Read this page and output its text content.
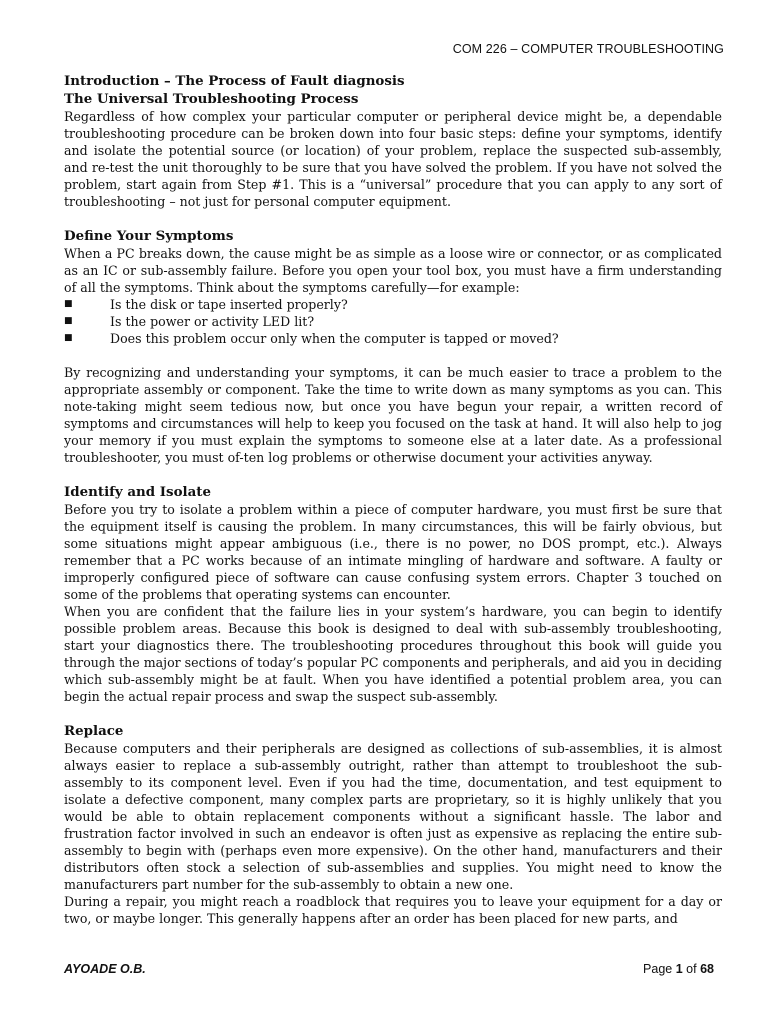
COM 226 – COMPUTER TROUBLESHOOTING
Introduction – The Process of Fault diagnosis
The Universal Troubleshooting Process

Regardless of how complex your particular computer or peripheral device might be, a dependable troubleshooting procedure can be broken down into four basic steps: define your symptoms, identify and isolate the potential source (or location) of your problem, replace the suspected sub-assembly, and re-test the unit thoroughly to be sure that you have solved the problem. If you have not solved the problem, start again from Step #1. This is a “universal” procedure that you can apply to any sort of troubleshooting – not just for personal computer equipment.

Define Your Symptoms

When a PC breaks down, the cause might be as simple as a loose wire or connector, or as complicated as an IC or sub-assembly failure. Before you open your tool box, you must have a firm understanding of all the symptoms. Think about the symptoms carefully—for example:

■	Is the disk or tape inserted properly?
■	Is the power or activity LED lit?
■	Does this problem occur only when the computer is tapped or moved?

By recognizing and understanding your symptoms, it can be much easier to trace a problem to the appropriate assembly or component. Take the time to write down as many symptoms as you can. This note-taking might seem tedious now, but once you have begun your repair, a written record of symptoms and circumstances will help to keep you focused on the task at hand. It will also help to jog your memory if you must explain the symptoms to someone else at a later date. As a professional troubleshooter, you must of-ten log problems or otherwise document your activities anyway.

Identify and Isolate

Before you try to isolate a problem within a piece of computer hardware, you must first be sure that the equipment itself is causing the problem. In many circumstances, this will be fairly obvious, but some situations might appear ambiguous (i.e., there is no power, no DOS prompt, etc.). Always remember that a PC works because of an intimate mingling of hardware and software. A faulty or improperly configured piece of software can cause confusing system errors. Chapter 3 touched on some of the problems that operating systems can encounter.

When you are confident that the failure lies in your system’s hardware, you can begin to identify possible problem areas. Because this book is designed to deal with sub-assembly troubleshooting, start your diagnostics there. The troubleshooting procedures throughout this book will guide you through the major sections of today’s popular PC components and peripherals, and aid you in deciding which sub-assembly might be at fault. When you have identified a potential problem area, you can begin the actual repair process and swap the suspect sub-assembly.

Replace

Because computers and their peripherals are designed as collections of sub-assemblies, it is almost always easier to replace a sub-assembly outright, rather than attempt to troubleshoot the sub-assembly to its component level. Even if you had the time, documentation, and test equipment to isolate a defective component, many complex parts are proprietary, so it is highly unlikely that you would be able to obtain replacement components without a significant hassle. The labor and frustration factor involved in such an endeavor is often just as expensive as replacing the entire sub-assembly to begin with (perhaps even more expensive). On the other hand, manufacturers and their distributors often stock a selection of sub-assemblies and supplies. You might need to know the manufacturers part number for the sub-assembly to obtain a new one.

During a repair, you might reach a roadblock that requires you to leave your equipment for a day or two, or maybe longer. This generally happens after an order has been placed for new parts, and

AYOADE O.B.	Page 1 of 68
